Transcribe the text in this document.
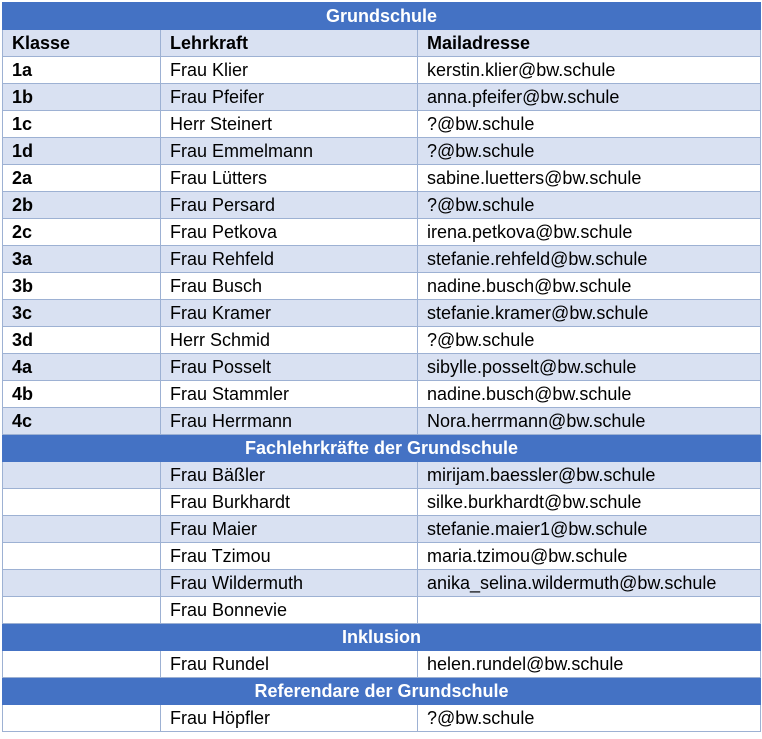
Grundschule		
Klasse	Lehrkraft	Mailadresse
1a	Frau Klier	kerstin.klier@bw.schule
1b	Frau Pfeifer	anna.pfeifer@bw.schule
1c	Herr Steinert	?@bw.schule
1d	Frau Emmelmann	?@bw.schule
2a	Frau Lütters	sabine.luetters@bw.schule
2b	Frau Persard	?@bw.schule
2c	Frau Petkova	irena.petkova@bw.schule
3a	Frau Rehfeld	stefanie.rehfeld@bw.schule
3b	Frau Busch	nadine.busch@bw.schule
3c	Frau Kramer	stefanie.kramer@bw.schule
3d	Herr Schmid	?@bw.schule
4a	Frau Posselt	sibylle.posselt@bw.schule
4b	Frau Stammler	nadine.busch@bw.schule
4c	Frau Herrmann	Nora.herrmann@bw.schule
Fachlehrkräfte der Grundschule		
	Frau Bäßler	mirijam.baessler@bw.schule
	Frau Burkhardt	silke.burkhardt@bw.schule
	Frau Maier	stefanie.maier1@bw.schule
	Frau Tzimou	maria.tzimou@bw.schule
	Frau Wildermuth	anika_selina.wildermuth@bw.schule
	Frau Bonnevie	
Inklusion		
	Frau Rundel	helen.rundel@bw.schule
Referendare der Grundschule		
	Frau Höpfler	?@bw.schule
